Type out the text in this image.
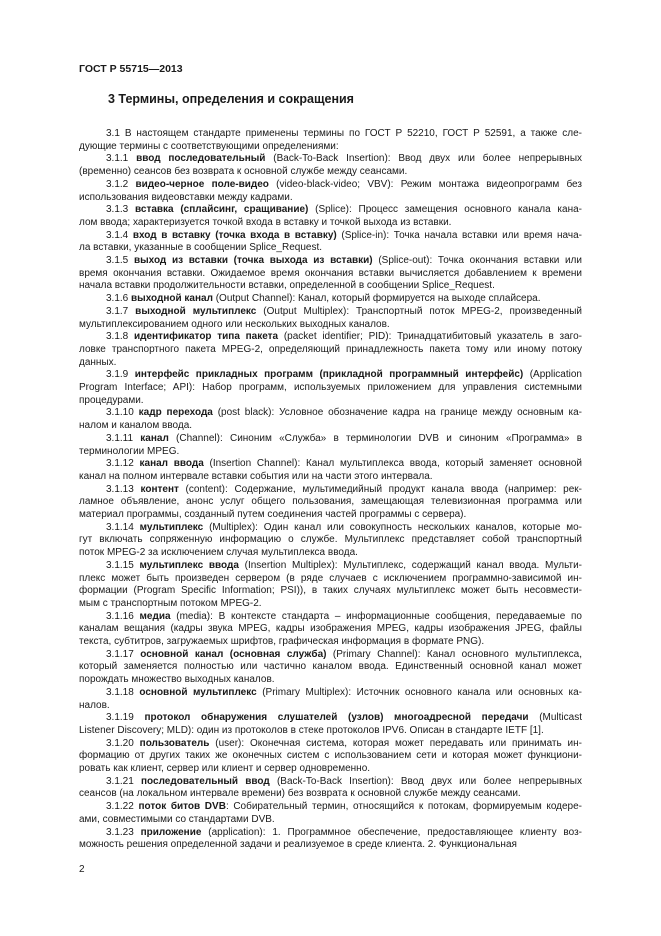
ГОСТ Р 55715—2013
3 Термины, определения и сокращения
3.1 В настоящем стандарте применены термины по ГОСТ Р 52210, ГОСТ Р 52591, а также сле-
дующие термины с соответствующими определениями:
3.1.1 ввод последовательный (Back-To-Back Insertion): Ввод двух или более непрерывных
(временно) сеансов без возврата к основной службе между сеансами.
3.1.2 видео-черное поле-видео (video-black-video; VBV): Режим монтажа видеопрограмм без
использования видеовставки между кадрами.
3.1.3 вставка (сплайсинг, сращивание) (Splice): Процесс замещения основного канала кана-
лом ввода; характеризуется точкой входа в вставку и точкой выхода из вставки.
3.1.4 вход в вставку (точка входа в вставку) (Splice-in): Точка начала вставки или время нача-
ла вставки, указанные в сообщении Splice_Request.
3.1.5 выход из вставки (точка выхода из вставки) (Splice-out): Точка окончания вставки или
время окончания вставки. Ожидаемое время окончания вставки вычисляется добавлением к времени
начала вставки продолжительности вставки, определенной в сообщении Splice_Request.
3.1.6 выходной канал (Output Channel): Канал, который формируется на выходе сплайсера.
3.1.7 выходной мультиплекс (Output Multiplex): Транспортный поток MPEG-2, произведенный
мультиплексированием одного или нескольких выходных каналов.
3.1.8 идентификатор типа пакета (packet identifier; PID): Тринадцатибитовый указатель в заго-
ловке транспортного пакета MPEG-2, определяющий принадлежность пакета тому или иному потоку
данных.
3.1.9 интерфейс прикладных программ (прикладной программный интерфейс) (Application
Program Interface; API): Набор программ, используемых приложением для управления системными
процедурами.
3.1.10 кадр перехода (post black): Условное обозначение кадра на границе между основным ка-
налом и каналом ввода.
3.1.11 канал (Channel): Синоним «Служба» в терминологии DVB и синоним «Программа» в
терминологии MPEG.
3.1.12 канал ввода (Insertion Channel): Канал мультиплекса ввода, который заменяет основной
канал на полном интервале вставки события или на части этого интервала.
3.1.13 контент (content): Содержание, мультимедийный продукт канала ввода (например: рек-
ламное объявление, анонс услуг общего пользования, замещающая телевизионная программа или
материал программы, созданный путем соединения частей программы с сервера).
3.1.14 мультиплекс (Multiplex): Один канал или совокупность нескольких каналов, которые мо-
гут включать сопряженную информацию о службе. Мультиплекс представляет собой транспортный
поток MPEG-2 за исключением случая мультиплекса ввода.
3.1.15 мультиплекс ввода (Insertion Multiplex): Мультиплекс, содержащий канал ввода. Мульти-
плекс может быть произведен сервером (в ряде случаев с исключением программно-зависимой ин-
формации (Program Specific Information; PSI)), в таких случаях мультиплекс может быть несовмести-
мым с транспортным потоком MPEG-2.
3.1.16 медиа (media): В контексте стандарта – информационные сообщения, передаваемые по
каналам вещания (кадры звука MPEG, кадры изображения MPEG, кадры изображения JPEG, файлы
текста, субтитров, загружаемых шрифтов, графическая информация в формате PNG).
3.1.17 основной канал (основная служба) (Primary Channel): Канал основного мультиплекса,
который заменяется полностью или частично каналом ввода. Единственный основной канал может
порождать множество выходных каналов.
3.1.18 основной мультиплекс (Primary Multiplex): Источник основного канала или основных ка-
налов.
3.1.19 протокол обнаружения слушателей (узлов) многоадресной передачи (Multicast
Listener Discovery; MLD): один из протоколов в стеке протоколов IPV6. Описан в стандарте IETF [1].
3.1.20 пользователь (user): Оконечная система, которая может передавать или принимать ин-
формацию от других таких же оконечных систем с использованием сети и которая может функциони-
ровать как клиент, сервер или клиент и сервер одновременно.
3.1.21 последовательный ввод (Back-To-Back Insertion): Ввод двух или более непрерывных
сеансов (на локальном интервале времени) без возврата к основной службе между сеансами.
3.1.22 поток битов DVB: Собирательный термин, относящийся к потокам, формируемым кодере-
ами, совместимыми со стандартами DVB.
3.1.23 приложение (application): 1. Программное обеспечение, предоставляющее клиенту воз-
можность решения определенной задачи и реализуемое в среде клиента. 2. Функциональная
2
